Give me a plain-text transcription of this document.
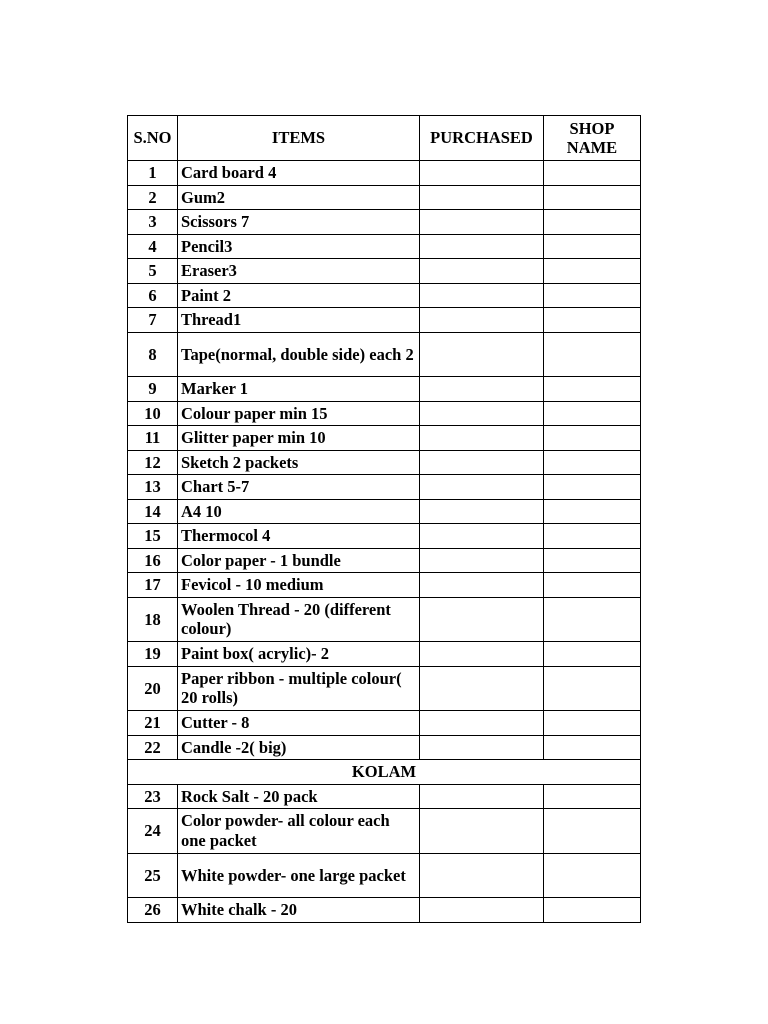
S.NO	ITEMS	PURCHASED	SHOP NAME
1	Card board 4		
2	Gum2		
3	Scissors 7		
4	Pencil3		
5	Eraser3		
6	Paint 2		
7	Thread1		
8	Tape(normal, double side) each 2		
9	Marker 1		
10	Colour paper min 15		
11	Glitter paper min 10		
12	Sketch 2 packets		
13	Chart 5-7		
14	A4 10		
15	Thermocol 4		
16	Color paper - 1 bundle		
17	Fevicol - 10 medium		
18	Woolen Thread - 20 (different colour)		
19	Paint box( acrylic)- 2		
20	Paper ribbon - multiple colour( 20 rolls)		
21	Cutter - 8		
22	Candle -2( big)		
KOLAM			
23	Rock Salt - 20 pack		
24	Color powder- all colour each one packet		
25	White powder- one large packet		
26	White chalk - 20		
